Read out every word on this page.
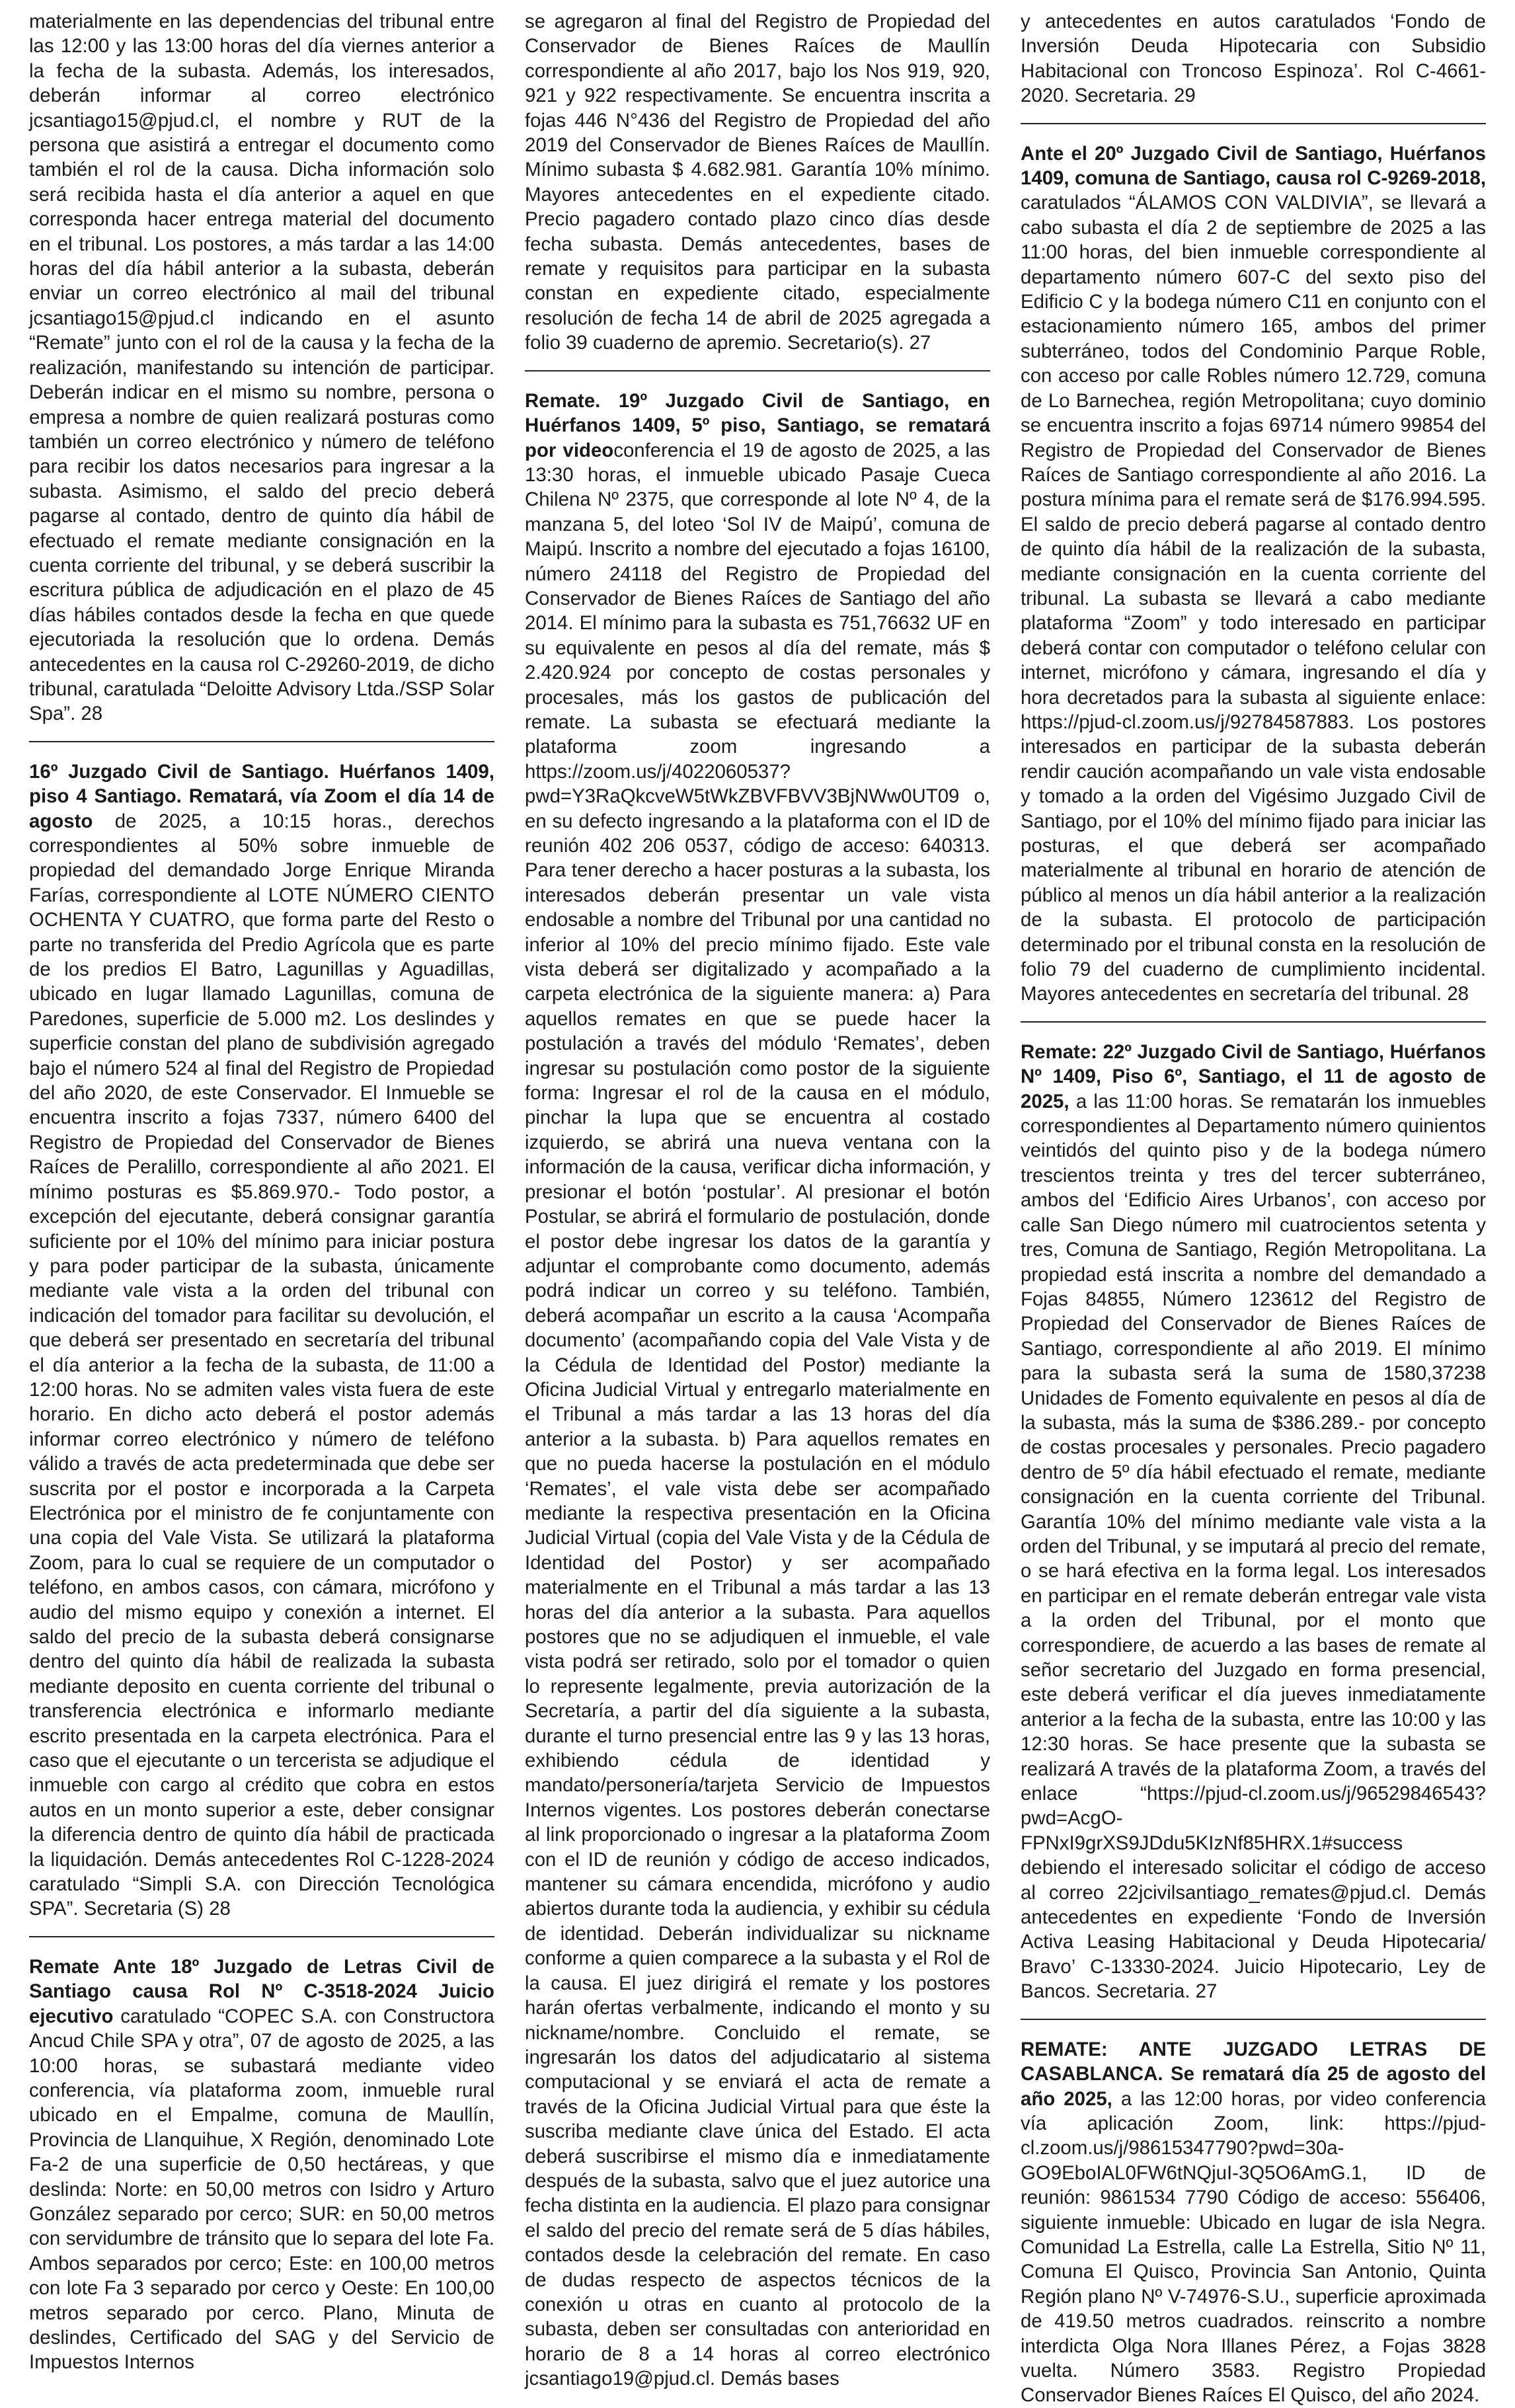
materialmente en las dependencias del tribunal entre las 12:00 y las 13:00 horas del día viernes anterior a la fecha de la subasta. Además, los interesados, deberán informar al correo electrónico jcsantiago15@pjud.cl, el nombre y RUT de la persona que asistirá a entregar el documento como también el rol de la causa. Dicha información solo será recibida hasta el día anterior a aquel en que corresponda hacer entrega material del documento en el tribunal. Los postores, a más tardar a las 14:00 horas del día hábil anterior a la subasta, deberán enviar un correo electrónico al mail del tribunal jcsantiago15@pjud.cl indicando en el asunto “Remate” junto con el rol de la causa y la fecha de la realización, manifestando su intención de participar. Deberán indicar en el mismo su nombre, persona o empresa a nombre de quien realizará posturas como también un correo electrónico y número de teléfono para recibir los datos necesarios para ingresar a la subasta. Asimismo, el saldo del precio deberá pagarse al contado, dentro de quinto día hábil de efectuado el remate mediante consignación en la cuenta corriente del tribunal, y se deberá suscribir la escritura pública de adjudicación en el plazo de 45 días hábiles contados desde la fecha en que quede ejecutoriada la resolución que lo ordena. Demás antecedentes en la causa rol C-29260-2019, de dicho tribunal, caratulada “Deloitte Advisory Ltda./SSP Solar Spa”. 28

16º Juzgado Civil de Santiago. Huérfanos 1409, piso 4 Santiago. Rematará, vía Zoom el día 14 de agosto de 2025, a 10:15 horas., derechos correspondientes al 50% sobre inmueble de propiedad del demandado Jorge Enrique Miranda Farías, correspondiente al LOTE NÚMERO CIENTO OCHENTA Y CUATRO, que forma parte del Resto o parte no transferida del Predio Agrícola que es parte de los predios El Batro, Lagunillas y Aguadillas, ubicado en lugar llamado Lagunillas, comuna de Paredones, superficie de 5.000 m2. Los deslindes y superficie constan del plano de subdivisión agregado bajo el número 524 al final del Registro de Propiedad del año 2020, de este Conservador. El Inmueble se encuentra inscrito a fojas 7337, número 6400 del Registro de Propiedad del Conservador de Bienes Raíces de Peralillo, correspondiente al año 2021. El mínimo posturas es $5.869.970.- Todo postor, a excepción del ejecutante, deberá consignar garantía suficiente por el 10% del mínimo para iniciar postura y para poder participar de la subasta, únicamente mediante vale vista a la orden del tribunal con indicación del tomador para facilitar su devolución, el que deberá ser presentado en secretaría del tribunal el día anterior a la fecha de la subasta, de 11:00 a 12:00 horas. No se admiten vales vista fuera de este horario. En dicho acto deberá el postor además informar correo electrónico y número de teléfono válido a través de acta predeterminada que debe ser suscrita por el postor e incorporada a la Carpeta Electrónica por el ministro de fe conjuntamente con una copia del Vale Vista. Se utilizará la plataforma Zoom, para lo cual se requiere de un computador o teléfono, en ambos casos, con cámara, micrófono y audio del mismo equipo y conexión a internet. El saldo del precio de la subasta deberá consignarse dentro del quinto día hábil de realizada la subasta mediante deposito en cuenta corriente del tribunal o transferencia electrónica e informarlo mediante escrito presentada en la carpeta electrónica. Para el caso que el ejecutante o un tercerista se adjudique el inmueble con cargo al crédito que cobra en estos autos en un monto superior a este, deber consignar la diferencia dentro de quinto día hábil de practicada la liquidación. Demás antecedentes Rol C-1228-2024 caratulado “Simpli S.A. con Dirección Tecnológica SPA”. Secretaria (S) 28

Remate Ante 18º Juzgado de Letras Civil de Santiago causa Rol Nº C-3518-2024 Juicio ejecutivo caratulado “COPEC S.A. con Constructora Ancud Chile SPA y otra”, 07 de agosto de 2025, a las 10:00 horas, se subastará mediante video conferencia, vía plataforma zoom, inmueble rural ubicado en el Empalme, comuna de Maullín, Provincia de Llanquihue, X Región, denominado Lote Fa-2 de una superficie de 0,50 hectáreas, y que deslinda: Norte: en 50,00 metros con Isidro y Arturo González separado por cerco; SUR: en 50,00 metros con servidumbre de tránsito que lo separa del lote Fa. Ambos separados por cerco; Este: en 100,00 metros con lote Fa 3 separado por cerco y Oeste: En 100,00 metros separado por cerco. Plano, Minuta de deslindes, Certificado del SAG y del Servicio de Impuestos Internos

se agregaron al final del Registro de Propiedad del Conservador de Bienes Raíces de Maullín correspondiente al año 2017, bajo los Nos 919, 920, 921 y 922 respectivamente. Se encuentra inscrita a fojas 446 N°436 del Registro de Propiedad del año 2019 del Conservador de Bienes Raíces de Maullín. Mínimo subasta $ 4.682.981. Garantía 10% mínimo. Mayores antecedentes en el expediente citado. Precio pagadero contado plazo cinco días desde fecha subasta. Demás antecedentes, bases de remate y requisitos para participar en la subasta constan en expediente citado, especialmente resolución de fecha 14 de abril de 2025 agregada a folio 39 cuaderno de apremio. Secretario(s). 27

Remate. 19º Juzgado Civil de Santiago, en Huérfanos 1409, 5º piso, Santiago, se rematará por videoconferencia el 19 de agosto de 2025, a las 13:30 horas, el inmueble ubicado Pasaje Cueca Chilena Nº 2375, que corresponde al lote Nº 4, de la manzana 5, del loteo ‘Sol IV de Maipú’, comuna de Maipú. Inscrito a nombre del ejecutado a fojas 16100, número 24118 del Registro de Propiedad del Conservador de Bienes Raíces de Santiago del año 2014. El mínimo para la subasta es 751,76632 UF en su equivalente en pesos al día del remate, más $ 2.420.924 por concepto de costas personales y procesales, más los gastos de publicación del remate. La subasta se efectuará mediante la plataforma zoom ingresando a https://zoom.us/j/4022060537?pwd=Y3RaQkcveW5tWkZBVFBVV3BjNWw0UT09 o, en su defecto ingresando a la plataforma con el ID de reunión 402 206 0537, código de acceso: 640313. Para tener derecho a hacer posturas a la subasta, los interesados deberán presentar un vale vista endosable a nombre del Tribunal por una cantidad no inferior al 10% del precio mínimo fijado. Este vale vista deberá ser digitalizado y acompañado a la carpeta electrónica de la siguiente manera: a) Para aquellos remates en que se puede hacer la postulación a través del módulo ‘Remates’, deben ingresar su postulación como postor de la siguiente forma: Ingresar el rol de la causa en el módulo, pinchar la lupa que se encuentra al costado izquierdo, se abrirá una nueva ventana con la información de la causa, verificar dicha información, y presionar el botón ‘postular’. Al presionar el botón Postular, se abrirá el formulario de postulación, donde el postor debe ingresar los datos de la garantía y adjuntar el comprobante como documento, además podrá indicar un correo y su teléfono. También, deberá acompañar un escrito a la causa ‘Acompaña documento’ (acompañando copia del Vale Vista y de la Cédula de Identidad del Postor) mediante la Oficina Judicial Virtual y entregarlo materialmente en el Tribunal a más tardar a las 13 horas del día anterior a la subasta. b) Para aquellos remates en que no pueda hacerse la postulación en el módulo ‘Remates’, el vale vista debe ser acompañado mediante la respectiva presentación en la Oficina Judicial Virtual (copia del Vale Vista y de la Cédula de Identidad del Postor) y ser acompañado materialmente en el Tribunal a más tardar a las 13 horas del día anterior a la subasta. Para aquellos postores que no se adjudiquen el inmueble, el vale vista podrá ser retirado, solo por el tomador o quien lo represente legalmente, previa autorización de la Secretaría, a partir del día siguiente a la subasta, durante el turno presencial entre las 9 y las 13 horas, exhibiendo cédula de identidad y mandato/personería/tarjeta Servicio de Impuestos Internos vigentes. Los postores deberán conectarse al link proporcionado o ingresar a la plataforma Zoom con el ID de reunión y código de acceso indicados, mantener su cámara encendida, micrófono y audio abiertos durante toda la audiencia, y exhibir su cédula de identidad. Deberán individualizar su nickname conforme a quien comparece a la subasta y el Rol de la causa. El juez dirigirá el remate y los postores harán ofertas verbalmente, indicando el monto y su nickname/nombre. Concluido el remate, se ingresarán los datos del adjudicatario al sistema computacional y se enviará el acta de remate a través de la Oficina Judicial Virtual para que éste la suscriba mediante clave única del Estado. El acta deberá suscribirse el mismo día e inmediatamente después de la subasta, salvo que el juez autorice una fecha distinta en la audiencia. El plazo para consignar el saldo del precio del remate será de 5 días hábiles, contados desde la celebración del remate. En caso de dudas respecto de aspectos técnicos de la conexión u otras en cuanto al protocolo de la subasta, deben ser consultadas con anterioridad en horario de 8 a 14 horas al correo electrónico jcsantiago19@pjud.cl. Demás bases

y antecedentes en autos caratulados ‘Fondo de Inversión Deuda Hipotecaria con Subsidio Habitacional con Troncoso Espinoza’. Rol C-4661-2020. Secretaria. 29

Ante el 20º Juzgado Civil de Santiago, Huérfanos 1409, comuna de Santiago, causa rol C-9269-2018, caratulados “ÁLAMOS CON VALDIVIA”, se llevará a cabo subasta el día 2 de septiembre de 2025 a las 11:00 horas, del bien inmueble correspondiente al departamento número 607-C del sexto piso del Edificio C y la bodega número C11 en conjunto con el estacionamiento número 165, ambos del primer subterráneo, todos del Condominio Parque Roble, con acceso por calle Robles número 12.729, comuna de Lo Barnechea, región Metropolitana; cuyo dominio se encuentra inscrito a fojas 69714 número 99854 del Registro de Propiedad del Conservador de Bienes Raíces de Santiago correspondiente al año 2016. La postura mínima para el remate será de $176.994.595. El saldo de precio deberá pagarse al contado dentro de quinto día hábil de la realización de la subasta, mediante consignación en la cuenta corriente del tribunal. La subasta se llevará a cabo mediante plataforma “Zoom” y todo interesado en participar deberá contar con computador o teléfono celular con internet, micrófono y cámara, ingresando el día y hora decretados para la subasta al siguiente enlace: https://pjud-cl.zoom.us/j/92784587883. Los postores interesados en participar de la subasta deberán rendir caución acompañando un vale vista endosable y tomado a la orden del Vigésimo Juzgado Civil de Santiago, por el 10% del mínimo fijado para iniciar las posturas, el que deberá ser acompañado materialmente al tribunal en horario de atención de público al menos un día hábil anterior a la realización de la subasta. El protocolo de participación determinado por el tribunal consta en la resolución de folio 79 del cuaderno de cumplimiento incidental. Mayores antecedentes en secretaría del tribunal. 28

Remate: 22º Juzgado Civil de Santiago, Huérfanos Nº 1409, Piso 6º, Santiago, el 11 de agosto de 2025, a las 11:00 horas. Se rematarán los inmuebles correspondientes al Departamento número quinientos veintidós del quinto piso y de la bodega número trescientos treinta y tres del tercer subterráneo, ambos del ‘Edificio Aires Urbanos’, con acceso por calle San Diego número mil cuatrocientos setenta y tres, Comuna de Santiago, Región Metropolitana. La propiedad está inscrita a nombre del demandado a Fojas 84855, Número 123612 del Registro de Propiedad del Conservador de Bienes Raíces de Santiago, correspondiente al año 2019. El mínimo para la subasta será la suma de 1580,37238 Unidades de Fomento equivalente en pesos al día de la subasta, más la suma de $386.289.- por concepto de costas procesales y personales. Precio pagadero dentro de 5º día hábil efectuado el remate, mediante consignación en la cuenta corriente del Tribunal. Garantía 10% del mínimo mediante vale vista a la orden del Tribunal, y se imputará al precio del remate, o se hará efectiva en la forma legal. Los interesados en participar en el remate deberán entregar vale vista a la orden del Tribunal, por el monto que correspondiere, de acuerdo a las bases de remate al señor secretario del Juzgado en forma presencial, este deberá verificar el día jueves inmediatamente anterior a la fecha de la subasta, entre las 10:00 y las 12:30 horas. Se hace presente que la subasta se realizará A través de la plataforma Zoom, a través del enlace “https://pjud-cl.zoom.us/j/96529846543?pwd=AcgO-FPNxI9grXS9JDdu5KIzNf85HRX.1#success debiendo el interesado solicitar el código de acceso al correo 22jcivilsantiago_remates@pjud.cl. Demás antecedentes en expediente ‘Fondo de Inversión Activa Leasing Habitacional y Deuda Hipotecaria/ Bravo’ C-13330-2024. Juicio Hipotecario, Ley de Bancos. Secretaria. 27

REMATE: ANTE JUZGADO LETRAS DE CASABLANCA. Se rematará día 25 de agosto del año 2025, a las 12:00 horas, por video conferencia vía aplicación Zoom, link: https://pjud-cl.zoom.us/j/98615347790?pwd=30a-GO9EboIAL0FW6tNQjuI-3Q5O6AmG.1, ID de reunión: 9861534 7790 Código de acceso: 556406, siguiente inmueble: Ubicado en lugar de isla Negra. Comunidad La Estrella, calle La Estrella, Sitio Nº 11, Comuna El Quisco, Provincia San Antonio, Quinta Región plano Nº V-74976-S.U., superficie aproximada de 419.50 metros cuadrados. reinscrito a nombre interdicta Olga Nora Illanes Pérez, a Fojas 3828 vuelta. Número 3583. Registro Propiedad Conservador Bienes Raíces El Quisco, del año 2024.
